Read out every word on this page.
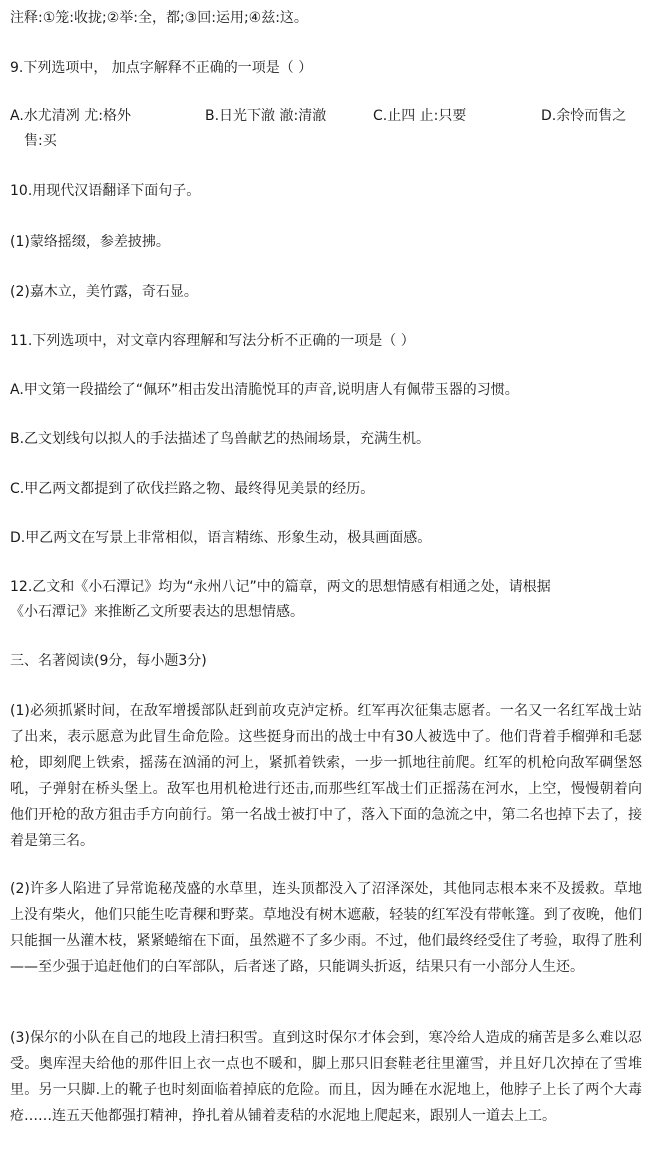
注释:①笼:收拢;②举:全，都;③回:运用;④兹:这。
9.下列选项中， 加点字解释不正确的一项是（ ）
A.水尤清冽 尤:格外	B.日光下澈 澈:清澈	C.止四 止:只要	D.余怜而售之
售:买
10.用现代汉语翻译下面句子。
(1)蒙络摇缀，参差披拂。
(2)嘉木立，美竹露，奇石显。
11.下列选项中，对文章内容理解和写法分析不正确的一项是（ ）
A.甲文第一段描绘了“佩环”相击发出清脆悦耳的声音,说明唐人有佩带玉器的习惯。
B.乙文划线句以拟人的手法描述了鸟兽献艺的热闹场景，充满生机。
C.甲乙两文都提到了砍伐拦路之物、最终得见美景的经历。
D.甲乙两文在写景上非常相似，语言精练、形象生动，极具画面感。
12.乙文和《小石潭记》均为“永州八记”中的篇章，两文的思想情感有相通之处，请根据
《小石潭记》来推断乙文所要表达的思想情感。
三、名著阅读(9分，每小题3分)
(1)必须抓紧时间，在敌军增援部队赶到前攻克泸定桥。红军再次征集志愿者。一名又一名红军战士站了出来，表示愿意为此冒生命危险。这些挺身而出的战士中有30人被选中了。他们背着手榴弹和毛瑟枪，即刻爬上铁索，摇荡在汹涌的河上，紧抓着铁索，一步一抓地往前爬。红军的机枪向敌军碉堡怒吼，子弹射在桥头堡上。敌军也用机枪进行还击,而那些红军战士们正摇荡在河水，上空，慢慢朝着向他们开枪的敌方狙击手方向前行。第一名战士被打中了，落入下面的急流之中，第二名也掉下去了，接着是第三名。
(2)许多人陷进了异常诡秘茂盛的水草里，连头顶都没入了沼泽深处，其他同志根本来不及援救。草地上没有柴火，他们只能生吃青稞和野菜。草地没有树木遮蔽，轻装的红军没有带帐篷。到了夜晚，他们只能掴一丛灌木枝，紧紧蜷缩在下面，虽然避不了多少雨。不过，他们最终经受住了考验，取得了胜利——至少强于追赶他们的白军部队，后者迷了路，只能调头折返，结果只有一小部分人生还。
(3)保尔的小队在自己的地段上清扫积雪。直到这时保尔才体会到，寒冷给人造成的痛苦是多么难以忍受。奥库涅夫给他的那件旧上衣一点也不暖和，脚上那只旧套鞋老往里灌雪，并且好几次掉在了雪堆里。另一只脚.上的靴子也时刻面临着掉底的危险。而且，因为睡在水泥地上，他脖子上长了两个大毒疮……连五天他都强打精神，挣扎着从铺着麦秸的水泥地上爬起来，跟别人一道去上工。
